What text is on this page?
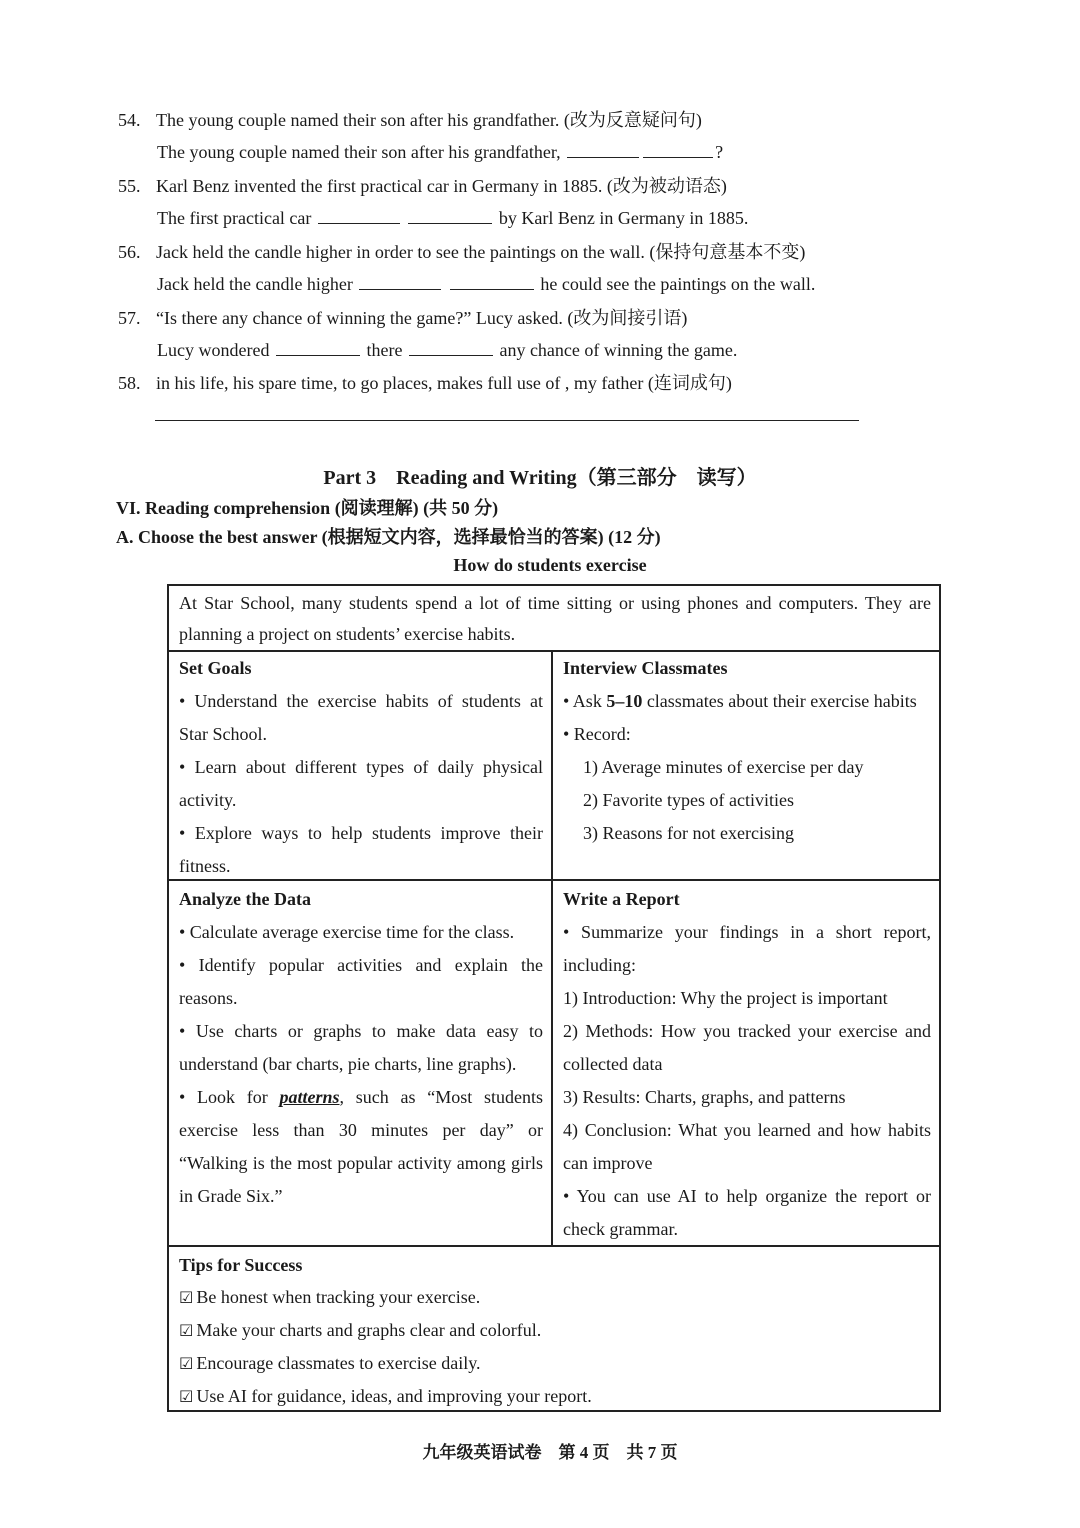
54. The young couple named their son after his grandfather. (改为反意疑问句)
The young couple named their son after his grandfather,	?
55. Karl Benz invented the first practical car in Germany in 1885. (改为被动语态)
The first practical car	by Karl Benz in Germany in 1885.
56. Jack held the candle higher in order to see the paintings on the wall. (保持句意基本不变)
Jack held the candle higher	he could see the paintings on the wall.
57. “Is there any chance of winning the game?” Lucy asked. (改为间接引语)
Lucy wondered	there	any chance of winning the game.
58. in his life, his spare time, to go places, makes full use of , my father (连词成句)
Part 3    Reading and Writing（第三部分    读写）
VI. Reading comprehension (阅读理解) (共 50 分)
A. Choose the best answer (根据短文内容，选择最恰当的答案) (12 分)
How do students exercise
At Star School, many students spend a lot of time sitting or using phones and computers. They are planning a project on students’ exercise habits.
Set Goals
• Understand the exercise habits of students at Star School.
• Learn about different types of daily physical activity.
• Explore ways to help students improve their fitness.
Interview Classmates
• Ask 5–10 classmates about their exercise habits
• Record:
1) Average minutes of exercise per day
2) Favorite types of activities
3) Reasons for not exercising
Analyze the Data
• Calculate average exercise time for the class.
• Identify popular activities and explain the reasons.
• Use charts or graphs to make data easy to understand (bar charts, pie charts, line graphs).
• Look for patterns, such as “Most students exercise less than 30 minutes per day” or “Walking is the most popular activity among girls in Grade Six.”
Write a Report
• Summarize your findings in a short report, including:
1) Introduction: Why the project is important
2) Methods: How you tracked your exercise and collected data
3) Results: Charts, graphs, and patterns
4) Conclusion: What you learned and how habits can improve
• You can use AI to help organize the report or check grammar.
Tips for Success
☑ Be honest when tracking your exercise.
☑ Make your charts and graphs clear and colorful.
☑ Encourage classmates to exercise daily.
☑ Use AI for guidance, ideas, and improving your report.
九年级英语试卷    第 4 页    共 7 页
